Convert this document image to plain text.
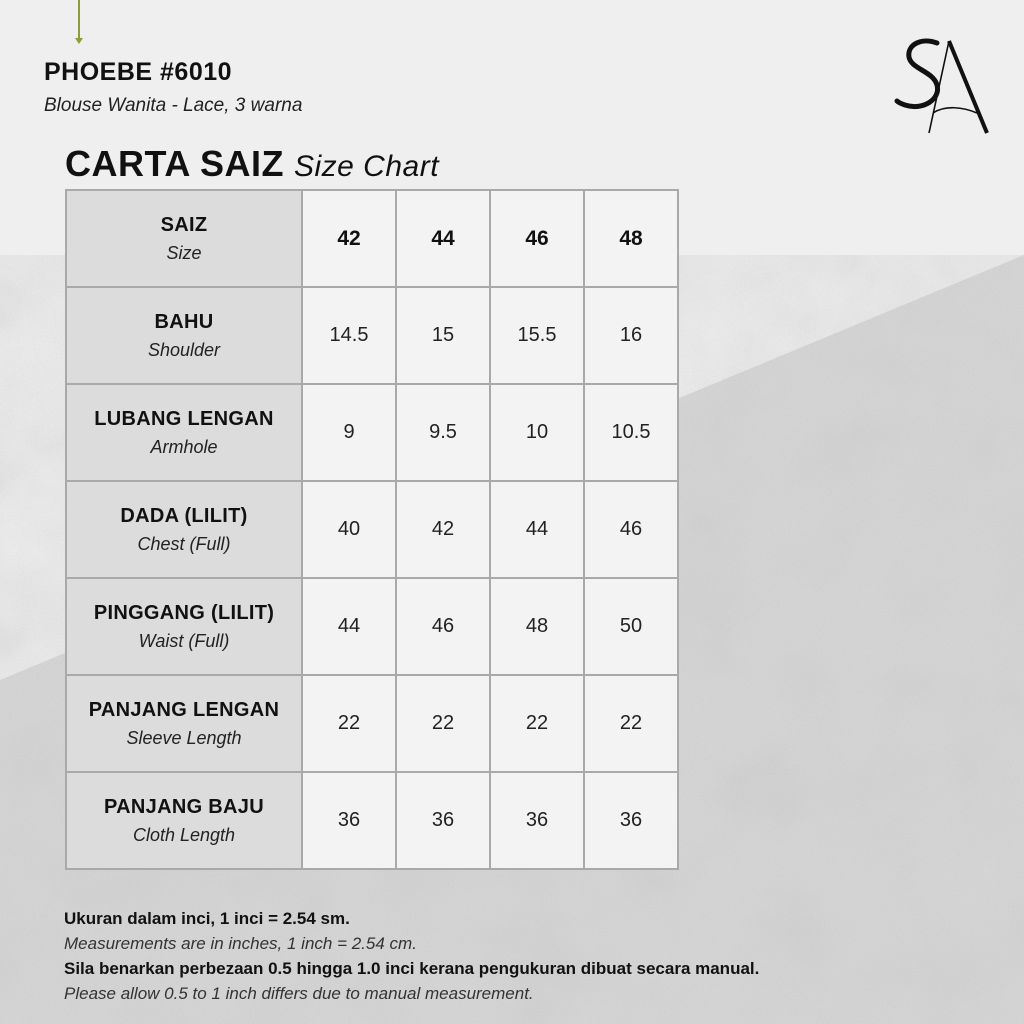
PHOEBE #6010
Blouse Wanita - Lace, 3 warna
CARTA SAIZ Size Chart
SAIZ
Size	42	44	46	48

BAHU
Shoulder	14.5	15	15.5	16

LUBANG LENGAN
Armhole	9	9.5	10	10.5

DADA (LILIT)
Chest (Full)	40	42	44	46

PINGGANG (LILIT)
Waist (Full)	44	46	48	50

PANJANG LENGAN
Sleeve Length	22	22	22	22

PANJANG BAJU
Cloth Length	36	36	36	36
Ukuran dalam inci, 1 inci = 2.54 sm.
Measurements are in inches, 1 inch = 2.54 cm.
Sila benarkan perbezaan 0.5 hingga 1.0 inci kerana pengukuran dibuat secara manual.
Please allow 0.5 to 1 inch differs due to manual measurement.
